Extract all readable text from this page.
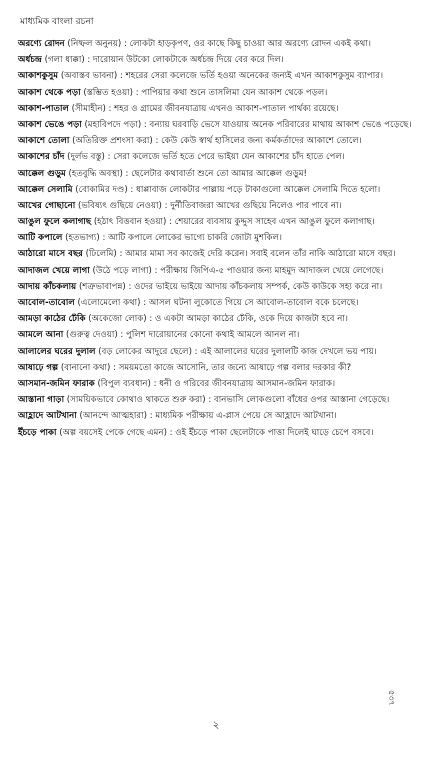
মাধ্যমিক বাংলা রচনা

অরণ্যে রোদন (নিষ্ফল অনুনয়) : লোকটা হাড়কৃপণ, ওর কাছে কিছু চাওয়া আর অরণ্যে রোদন একই কথা।

অর্ধচন্দ্র (গলা ধাক্কা) : দারোয়ান উটকো লোকটাকে অর্ধচন্দ্র দিয়ে বের করে দিল।

আকাশকুসুম (অবাস্তব ভাবনা) : শহরের সেরা কলেজে ভর্তি হওয়া অনেকের জন্যই এখন আকাশকুসুম ব্যাপার।

আকাশ থেকে পড়া (স্তম্ভিত হওয়া) : পাপিয়ার কথা শুনে তাসলিমা যেন আকাশ থেকে পড়ল।

আকাশ-পাতাল (সীমাহীন) : শহর ও গ্রামের জীবনযাত্রায় এখনও আকাশ-পাতাল পার্থক্য রয়েছে।

আকাশ ভেঙে পড়া (মহাবিপদে পড়া) : বন্যায় ঘরবাড়ি ভেসে যাওয়ায় অনেক পরিবারের মাথায় আকাশ ভেঙে পড়েছে।

আকাশে তোলা (অতিরিক্ত প্রশংসা করা) : কেউ কেউ স্বার্থ হাসিলের জন্য কর্মকর্তাদের আকাশে তোলে।

আকাশের চাঁদ (দুর্লভ বস্তু) : সেরা কলেজে ভর্তি হতে পেরে ভাইয়া যেন আকাশের চাঁদ হাতে পেল।

আক্কেল গুড়ুম (হতবুদ্ধি অবস্থা) : ছেলেটার কথাবার্তা শুনে তো আমার আক্কেল গুড়ুম!

আক্কেল সেলামি (বোকামির দণ্ড) : ধাপ্পাবাজ লোকটার পাল্লায় পড়ে টাকাগুলো আক্কেল সেলামি দিতে হলো।

আখের গোছানো (ভবিষ্যৎ গুছিয়ে নেওয়া) : দুর্নীতিবাজরা আখের গুছিয়ে নিলেও পার পাবে না।

আঙুল ফুলে কলাগাছ (হঠাৎ বিত্তবান হওয়া) : শেয়ারের ব্যবসায় কুদ্দুস সাহেব এখন আঙুল ফুলে কলাগাছ।

আটি কপালে (হতভাগ্য) : আটি কপালে লোকের ভাগ্যে চাকরি জোটা মুশকিল।

আঠারো মাসে বছর (ঢিলেমি) : আমার মামা সব কাজেই দেরি করেন। সবাই বলেন তাঁর নাকি আঠারো মাসে বছর।

আদাজল খেয়ে লাগা (উঠে পড়ে লাগা) : পরীক্ষায় জিপিএ-৫ পাওয়ার জন্য মাহমুদ আদাজল খেয়ে লেগেছে।

আদায় কাঁচকলায় (শত্রুভাবাপন্ন) : ওদের ভাইয়ে ভাইয়ে আদায় কাঁচকলায় সম্পর্ক, কেউ কাউকে সহ্য করে না।

আবোল-তাবোল (এলোমেলো কথা) : আসল ঘটনা লুকোতে গিয়ে সে আবোল-তাবোল বকে চলেছে।

আমড়া কাঠের ঢেঁকি (অকেজো লোক) : ও একটা আমড়া কাঠের ঢেঁকি, ওকে দিয়ে কাজটা হবে না।

আমলে আনা (গুরুত্ব দেওয়া) : পুলিশ দারোয়ানের কোনো কথাই আমলে আনল না।

আলালের ঘরের দুলাল (বড় লোকের আদুরে ছেলে) : এই আলালের ঘরের দুলালটি কাজ দেখলে ভয় পায়।

আষাঢ়ে গল্প (বানানো কথা) : সময়মতো কাজে আসোনি, তার জন্যে আষাঢ়ে গল্প বলার দরকার কী?

আসমান-জমিন ফারাক (বিপুল ব্যবধান) : ধনী ও গরিবের জীবনযাত্রায় আসমান-জমিন ফারাক।

আস্তানা গাড়া (সাময়িকভাবে কোথাও থাকতে শুরু করা) : বানভাসি লোকগুলো বাঁধের ওপর আস্তানা গেড়েছে।

আহ্লাদে আটখানা (আনন্দে আত্মহারা) : মাধ্যমিক পরীক্ষায় এ-প্লাস পেয়ে সে আহ্লাদে আটখানা।

ইঁচড়ে পাকা (অল্প বয়সেই পেকে গেছে এমন) : ওই ইঁচড়ে পাকা ছেলেটাকে পাত্তা দিলেই ঘাড়ে চেপে বসবে।

২
৫৩৭
